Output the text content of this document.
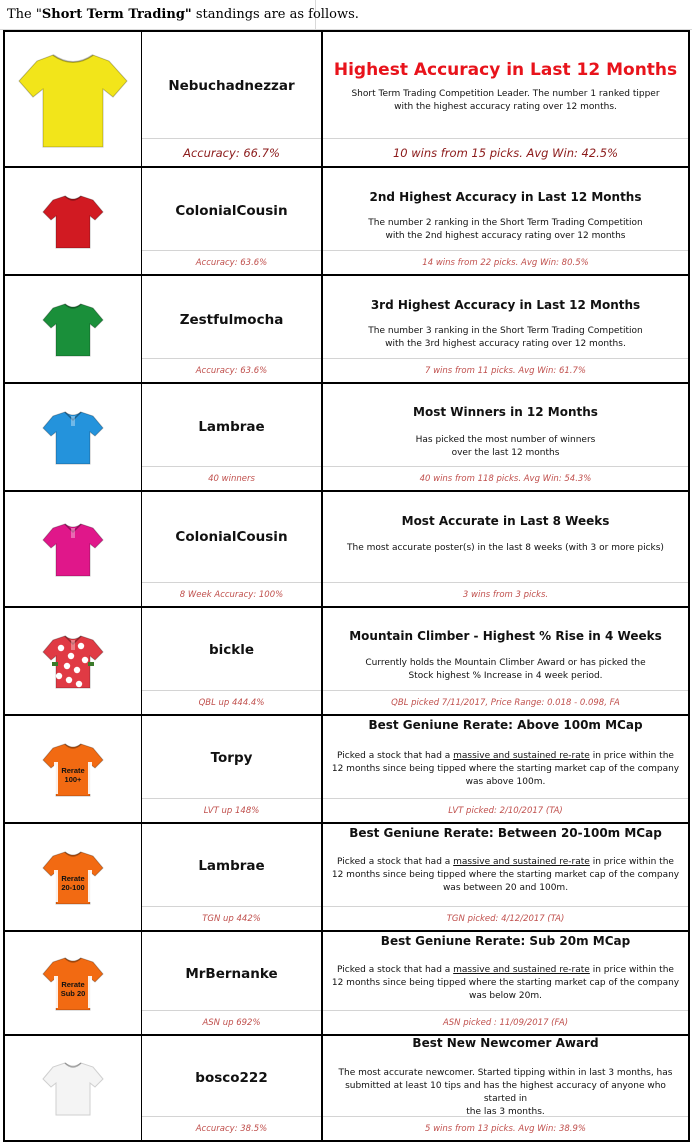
The "Short Term Trading" standings are as follows.
Nebuchadnezzar
Accuracy: 66.7%
Highest Accuracy in Last 12 Months
Short Term Trading Competition Leader. The number 1 ranked tipper
with the highest accuracy rating over 12 months.
10 wins from 15 picks. Avg Win: 42.5%
ColonialCousin
Accuracy: 63.6%
2nd Highest Accuracy in Last 12 Months
The number 2 ranking in the Short Term Trading Competition
with the 2nd highest accuracy rating over 12 months
14 wins from 22 picks. Avg Win: 80.5%
Zestfulmocha
Accuracy: 63.6%
3rd Highest Accuracy in Last 12 Months
The number 3 ranking in the Short Term Trading Competition
with the 3rd highest accuracy rating over 12 months.
7 wins from 11 picks. Avg Win: 61.7%
Lambrae
40 winners
Most Winners in 12 Months
Has picked the most number of winners
over the last 12 months
40 wins from 118 picks. Avg Win: 54.3%
ColonialCousin
8 Week Accuracy: 100%
Most Accurate in Last 8 Weeks
The most accurate poster(s) in the last 8 weeks (with 3 or more picks)
3 wins from 3 picks.
bickle
QBL up 444.4%
Mountain Climber - Highest % Rise in 4 Weeks
Currently holds the Mountain Climber Award or has picked the
Stock highest % Increase in 4 week period.
QBL picked 7/11/2017, Price Range: 0.018 - 0.098, FA
Rerate
100+
Torpy
LVT up 148%
Best Geniune Rerate: Above 100m MCap
Picked a stock that had a massive and sustained re-rate in price within the
12 months since being tipped where the starting market cap of the company
was above 100m.
LVT picked: 2/10/2017 (TA)
Rerate
20-100
Lambrae
TGN up 442%
Best Geniune Rerate: Between 20-100m MCap
Picked a stock that had a massive and sustained re-rate in price within the
12 months since being tipped where the starting market cap of the company
was between 20 and 100m.
TGN picked: 4/12/2017 (TA)
Rerate
Sub 20
MrBernanke
ASN up 692%
Best Geniune Rerate: Sub 20m MCap
Picked a stock that had a massive and sustained re-rate in price within the
12 months since being tipped where the starting market cap of the company
was below 20m.
ASN picked : 11/09/2017 (FA)
bosco222
Accuracy: 38.5%
Best New Newcomer Award
The most accurate newcomer. Started tipping within in last 3 months, has
submitted at least 10 tips and has the highest accuracy of anyone who started in
the las 3 months.
5 wins from 13 picks. Avg Win: 38.9%
